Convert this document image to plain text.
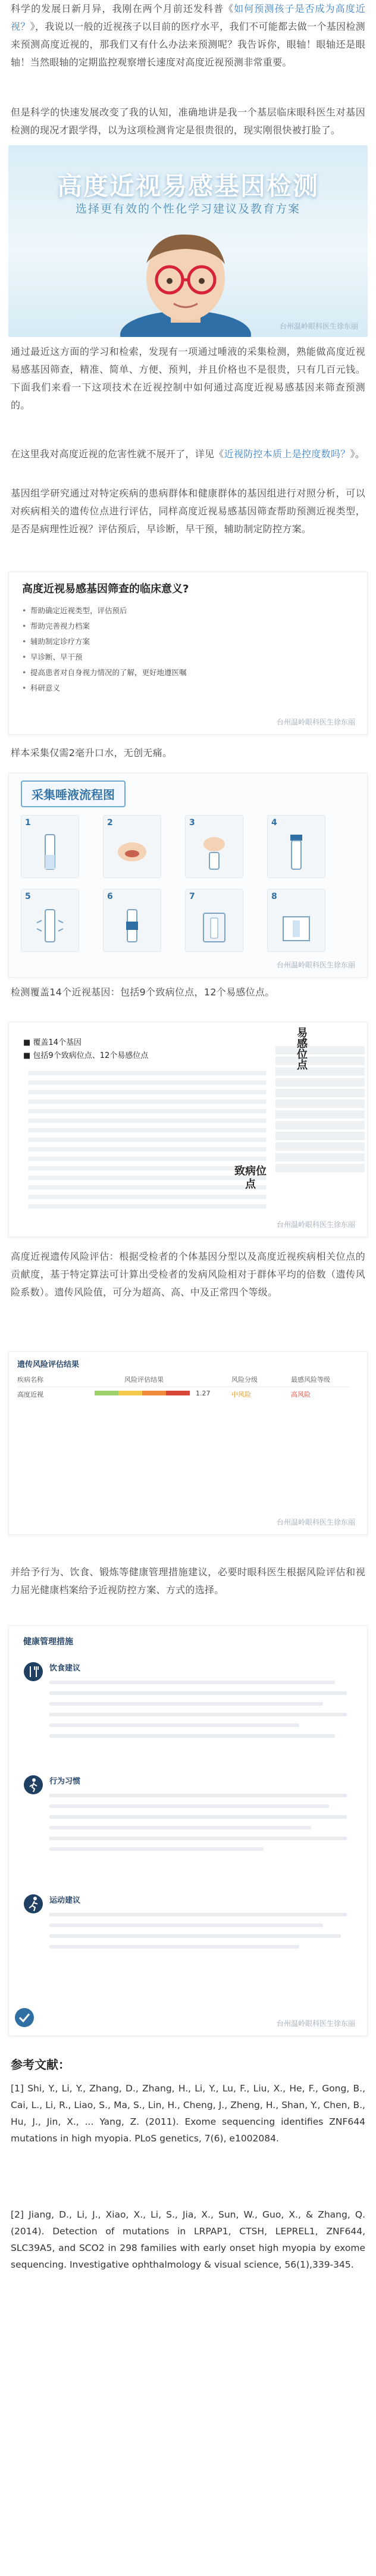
科学的发展日新月异，我刚在两个月前还发科普《如何预测孩子是否成为高度近视？》，我说以一般的近视孩子以目前的医疗水平，我们不可能都去做一个基因检测来预测高度近视的，那我们又有什么办法来预测呢？我告诉你，眼轴！眼轴还是眼轴！当然眼轴的定期监控观察增长速度对高度近视预测非常重要。

但是科学的快速发展改变了我的认知，准确地讲是我一个基层临床眼科医生对基因检测的现况才跟学得，以为这项检测肯定是很贵很的，现实刚很快被打脸了。

高度近视易感基因检测
选择更有效的个性化学习建议及教育方案
台州温岭眼科医生徐东丽

通过最近这方面的学习和检索，发现有一项通过唾液的采集检测，熟能做高度近视易感基因筛查，精准、简单、方便、预判，并且价格也不是很贵，只有几百元钱。下面我们来看一下这项技术在近视控制中如何通过高度近视易感基因来筛查预测的。

在这里我对高度近视的危害性就不展开了，详见《近视防控本质上是控度数吗？》。

基因组学研究通过对特定疾病的患病群体和健康群体的基因组进行对照分析，可以对疾病相关的遗传位点进行评估，同样高度近视易感基因筛查帮助预测近视类型，是否是病理性近视？评估预后，早诊断，早干预，辅助制定防控方案。

高度近视易感基因筛查的临床意义?
• 帮助确定近视类型，评估预后
• 帮助完善视力档案
• 辅助制定诊疗方案
• 早诊断、早干预
• 提高患者对自身视力情况的了解，更好地遵医嘱
• 科研意义
台州温岭眼科医生徐东丽

样本采集仅需2毫升口水，无创无痛。

采集唾液流程图
1	2	3	4
5	6	7	8
台州温岭眼科医生徐东丽

检测覆盖14个近视基因：包括9个致病位点，12个易感位点。

■ 覆盖14个基因
■ 包括9个致病位点、12个易感位点	易感位点
致病位点
台州温岭眼科医生徐东丽

高度近视遗传风险评估：根据受检者的个体基因分型以及高度近视疾病相关位点的贡献度，基于特定算法可计算出受检者的发病风险相对于群体平均的倍数（遗传风险系数）。遗传风险值，可分为超高、高、中及正常四个等级。

遗传风险评估结果
疾病名称	风险评估结果	风险分级	最感风险等级
高度近视	1.27	中风险	高风险
台州温岭眼科医生徐东丽

并给予行为、饮食、锻炼等健康管理措施建议，必要时眼科医生根据风险评估和视力屈光健康档案给予近视防控方案、方式的选择。

健康管理措施
饮食建议
行为习惯
运动建议
台州温岭眼科医生徐东丽

参考文献：

[1] Shi, Y., Li, Y., Zhang, D., Zhang, H., Li, Y., Lu, F., Liu, X., He, F., Gong, B., Cai, L., Li, R., Liao, S., Ma, S., Lin, H., Cheng, J., Zheng, H., Shan, Y., Chen, B., Hu, J., Jin, X., ... Yang, Z. (2011). Exome sequencing identifies ZNF644 mutations in high myopia. PLoS genetics, 7(6), e1002084.

[2] Jiang, D., Li, J., Xiao, X., Li, S., Jia, X., Sun, W., Guo, X., & Zhang, Q. (2014). Detection of mutations in LRPAP1, CTSH, LEPREL1, ZNF644, SLC39A5, and SCO2 in 298 families with early onset high myopia by exome sequencing. Investigative ophthalmology & visual science, 56(1),339-345.
